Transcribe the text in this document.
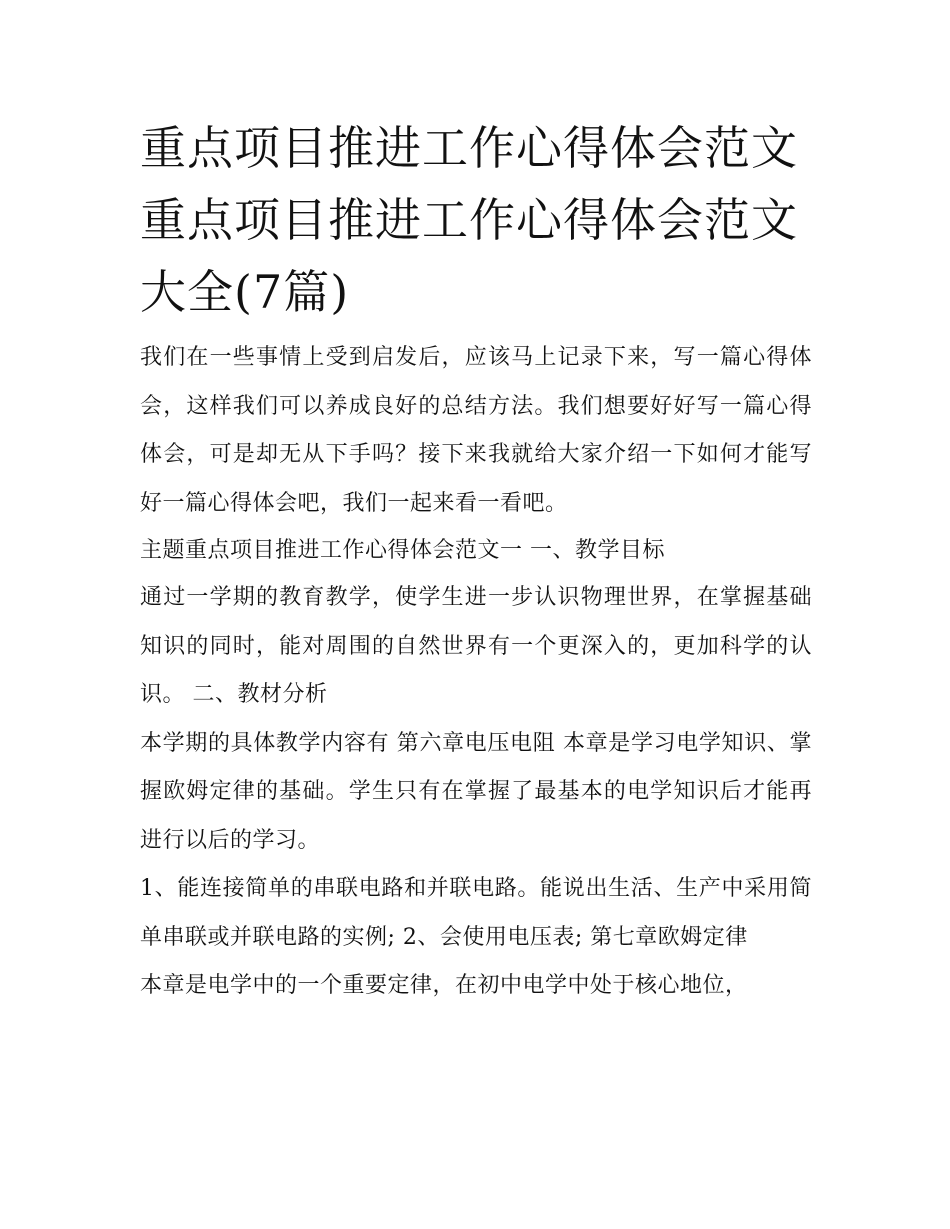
重点项目推进工作心得体会范文 重点项目推进工作心得体会范文大全(7篇)

我们在一些事情上受到启发后，应该马上记录下来，写一篇心得体会，这样我们可以养成良好的总结方法。我们想要好好写一篇心得体会，可是却无从下手吗？接下来我就给大家介绍一下如何才能写好一篇心得体会吧，我们一起来看一看吧。

主题重点项目推进工作心得体会范文一 一、教学目标

通过一学期的教育教学，使学生进一步认识物理世界，在掌握基础知识的同时，能对周围的自然世界有一个更深入的，更加科学的认识。 二、教材分析

本学期的具体教学内容有 第六章电压电阻 本章是学习电学知识、掌握欧姆定律的基础。学生只有在掌握了最基本的电学知识后才能再进行以后的学习。

1、能连接简单的串联电路和并联电路。能说出生活、生产中采用简单串联或并联电路的实例; 2、会使用电压表; 第七章欧姆定律

本章是电学中的一个重要定律，在初中电学中处于核心地位，
